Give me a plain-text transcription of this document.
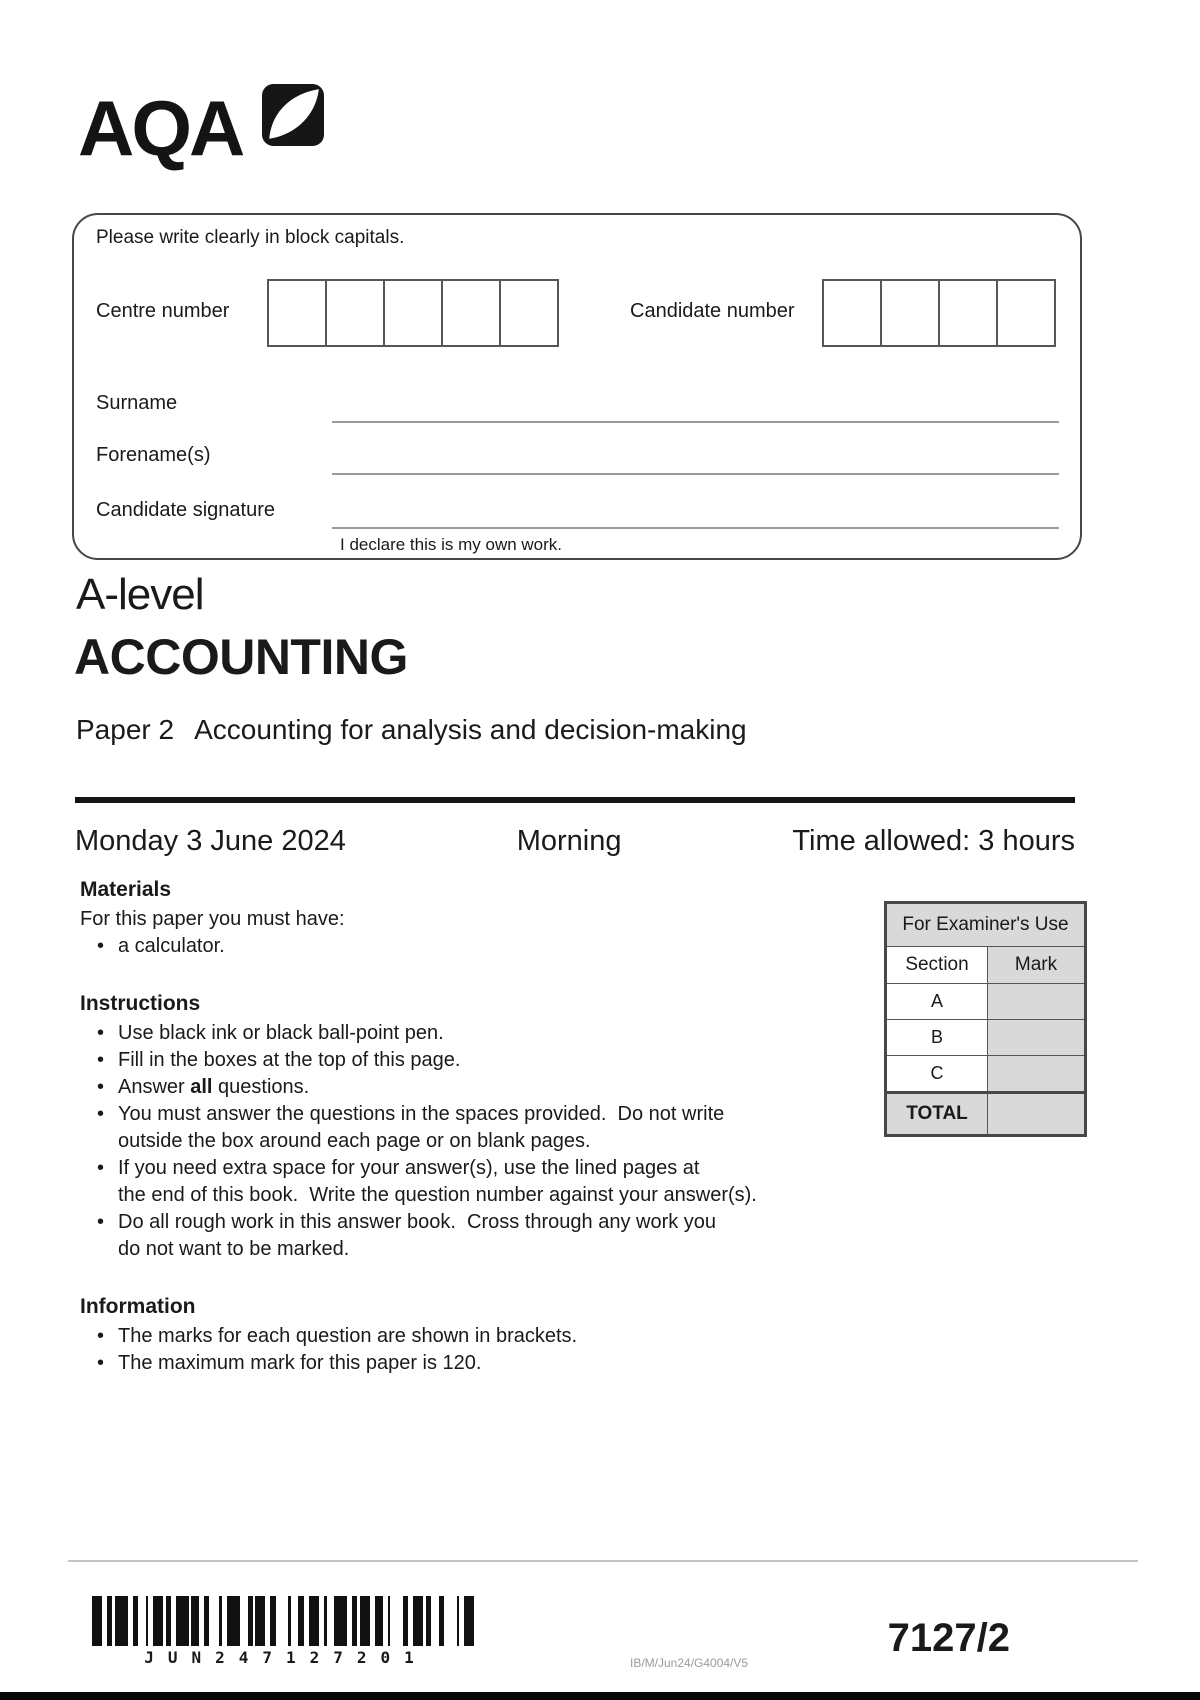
AQA
Please write clearly in block capitals.
Centre number	Candidate number
Surname
Forename(s)
Candidate signature
I declare this is my own work.
A-level
ACCOUNTING
Paper 2 Accounting for analysis and decision-making
Monday 3 June 2024	Morning	Time allowed: 3 hours
Materials

For this paper you must have:

• a calculator.
Instructions
• Use black ink or black ball-point pen.
• Fill in the boxes at the top of this page.
• Answer all questions.
• You must answer the questions in the spaces provided.  Do not write
outside the box around each page or on blank pages.
• If you need extra space for your answer(s), use the lined pages at
the end of this book.  Write the question number against your answer(s).
• Do all rough work in this answer book.  Cross through any work you
do not want to be marked.
Information
• The marks for each question are shown in brackets.
• The maximum mark for this paper is 120.
For Examiner's Use
Section	Mark
A
B
C
TOTAL
JUN247127201	IB/M/Jun24/G4004/V5
7127/2
